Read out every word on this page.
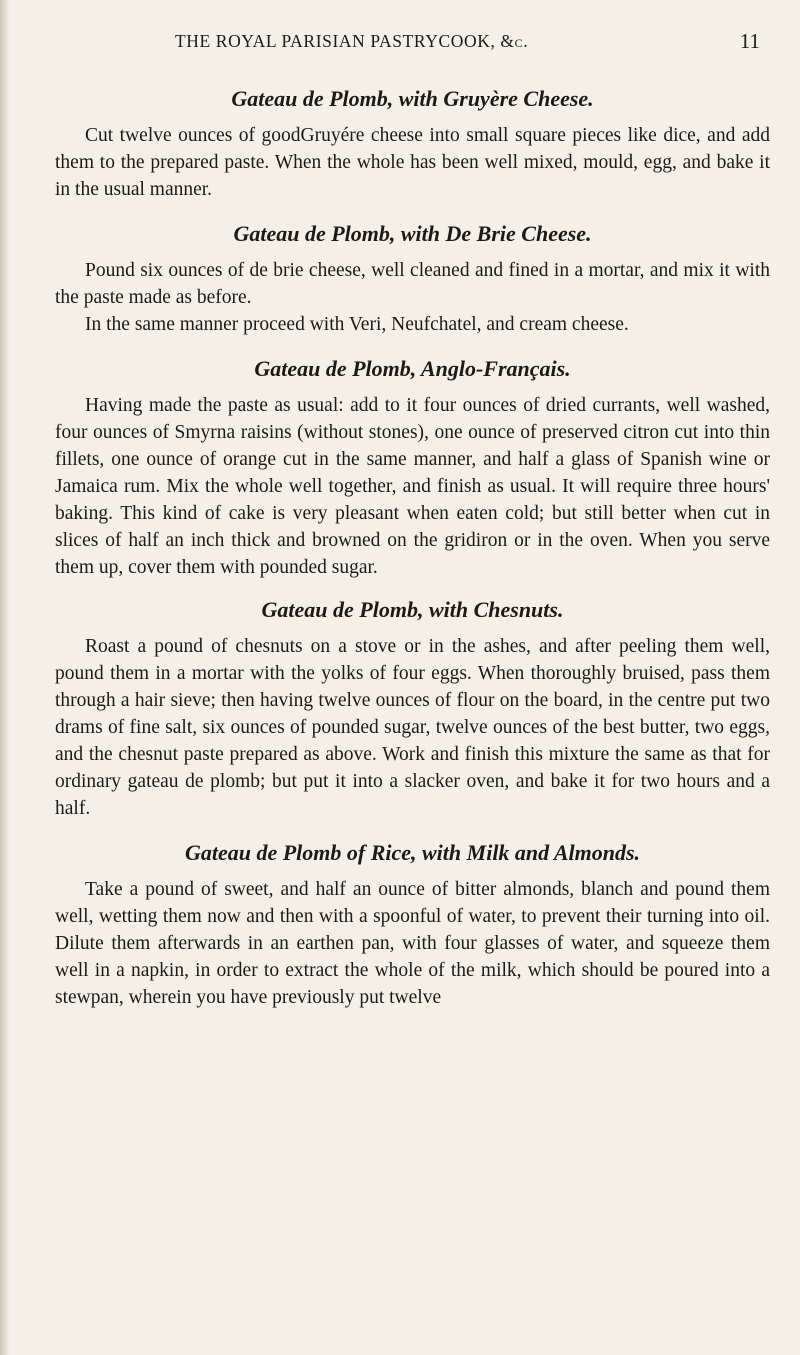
THE ROYAL PARISIAN PASTRYCOOK, &c.	11
Gateau de Plomb, with Gruyère Cheese.

Cut twelve ounces of goodGruyére cheese into small square pieces like dice, and add them to the prepared paste. When the whole has been well mixed, mould, egg, and bake it in the usual manner.

Gateau de Plomb, with De Brie Cheese.

Pound six ounces of de brie cheese, well cleaned and fined in a mortar, and mix it with the paste made as before.

In the same manner proceed with Veri, Neufchatel, and cream cheese.

Gateau de Plomb, Anglo-Français.

Having made the paste as usual: add to it four ounces of dried currants, well washed, four ounces of Smyrna raisins (without stones), one ounce of preserved citron cut into thin fillets, one ounce of orange cut in the same manner, and half a glass of Spanish wine or Jamaica rum. Mix the whole well together, and finish as usual. It will require three hours' baking. This kind of cake is very pleasant when eaten cold; but still better when cut in slices of half an inch thick and browned on the gridiron or in the oven. When you serve them up, cover them with pounded sugar.

Gateau de Plomb, with Chesnuts.

Roast a pound of chesnuts on a stove or in the ashes, and after peeling them well, pound them in a mortar with the yolks of four eggs. When thoroughly bruised, pass them through a hair sieve; then having twelve ounces of flour on the board, in the centre put two drams of fine salt, six ounces of pounded sugar, twelve ounces of the best butter, two eggs, and the chesnut paste prepared as above. Work and finish this mixture the same as that for ordinary gateau de plomb; but put it into a slacker oven, and bake it for two hours and a half.

Gateau de Plomb of Rice, with Milk and Almonds.

Take a pound of sweet, and half an ounce of bitter almonds, blanch and pound them well, wetting them now and then with a spoonful of water, to prevent their turning into oil. Dilute them afterwards in an earthen pan, with four glasses of water, and squeeze them well in a napkin, in order to extract the whole of the milk, which should be poured into a stewpan, wherein you have previously put twelve
